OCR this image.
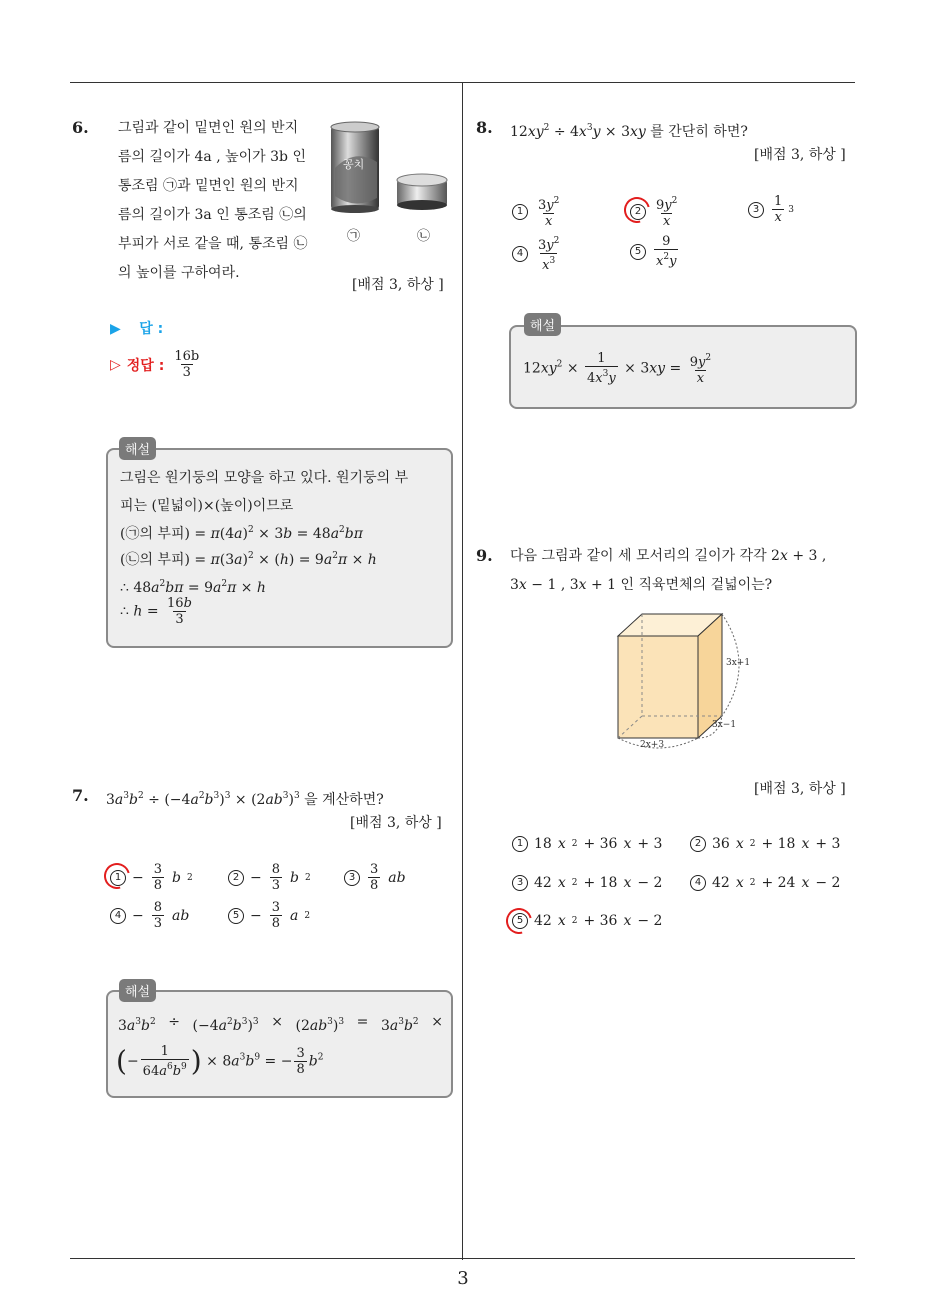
3
6. 그림과 같이 밑면인 원의 반지
름의 길이가 4a , 높이가 3b 인
통조림 ㉠과 밑면인 원의 반지
름의 길이가 3a 인 통조림 ㉡의
부피가 서로 같을 때, 통조림 ㉡
의 높이를 구하여라.
꽁치
㉠	㉡
[배점 3, 하상 ]
▶ 답 :
▷ 정답 : $\frac{16b}{3}$
그림은 원기둥의 모양을 하고 있다. 원기둥의 부
피는 (밑넓이)×(높이)이므로
(㉠의 부피) = $\pi(4a)^2 \times 3b = 48a^2b\pi$
(㉡의 부피) = $\pi(3a)^2 \times (h) = 9a^2\pi \times h$
∴ $48a^2b\pi = 9a^2\pi \times h$
∴ $h = \frac{16b}{3}$
해설
7. $3a^3b^2 \div (-4a^2b^3)^3 \times (2ab^3)^3$ 을 계산하면?
[배점 3, 하상 ]
$1 - \frac{3}{8}$ b 2	$2 - \frac{8}{3}$ b 2	$3 \frac{3}{8}$ ab
$4 - \frac{8}{3}$ ab	$5 - \frac{3}{8}$ a 2
$3a^3b^2 \div (-4a^2b^3)^3 \times (2ab^3)^3 = 3a^3b^2$ ×
(− $\frac{1}{64a^6b^9}$ ) × $8a^3b^9$ = − $\frac{3}{8} b^2$
해설
8. $12xy^2 \div 4x^3y \times 3xy$ 를 간단히 하면?
[배점 3, 하상 ]
$1 \frac{3y^2}{x}$	$2 \frac{9y^2}{x}$	$3 \frac{1}{x} 3$
$4 \frac{3y^2}{x^3}$	$5 \frac{9}{x^2y}$
$12xy^2 \times \frac{1}{4x^3y} \times 3xy = \frac{9y^2}{x}$
해설
9. 다음 그림과 같이 세 모서리의 길이가 각각 2x + 3 ,
3x − 1 , 3x + 1 인 직육면체의 겉넓이는?
3x+1
3x−1
2x+3
[배점 3, 하상 ]
1 18 x 2 + 36 x + 3	2 36 x 2 + 18 x + 3
3 42 x 2 + 18 x − 2	4 42 x 2 + 24 x − 2
5 42 x 2 + 36 x − 2
